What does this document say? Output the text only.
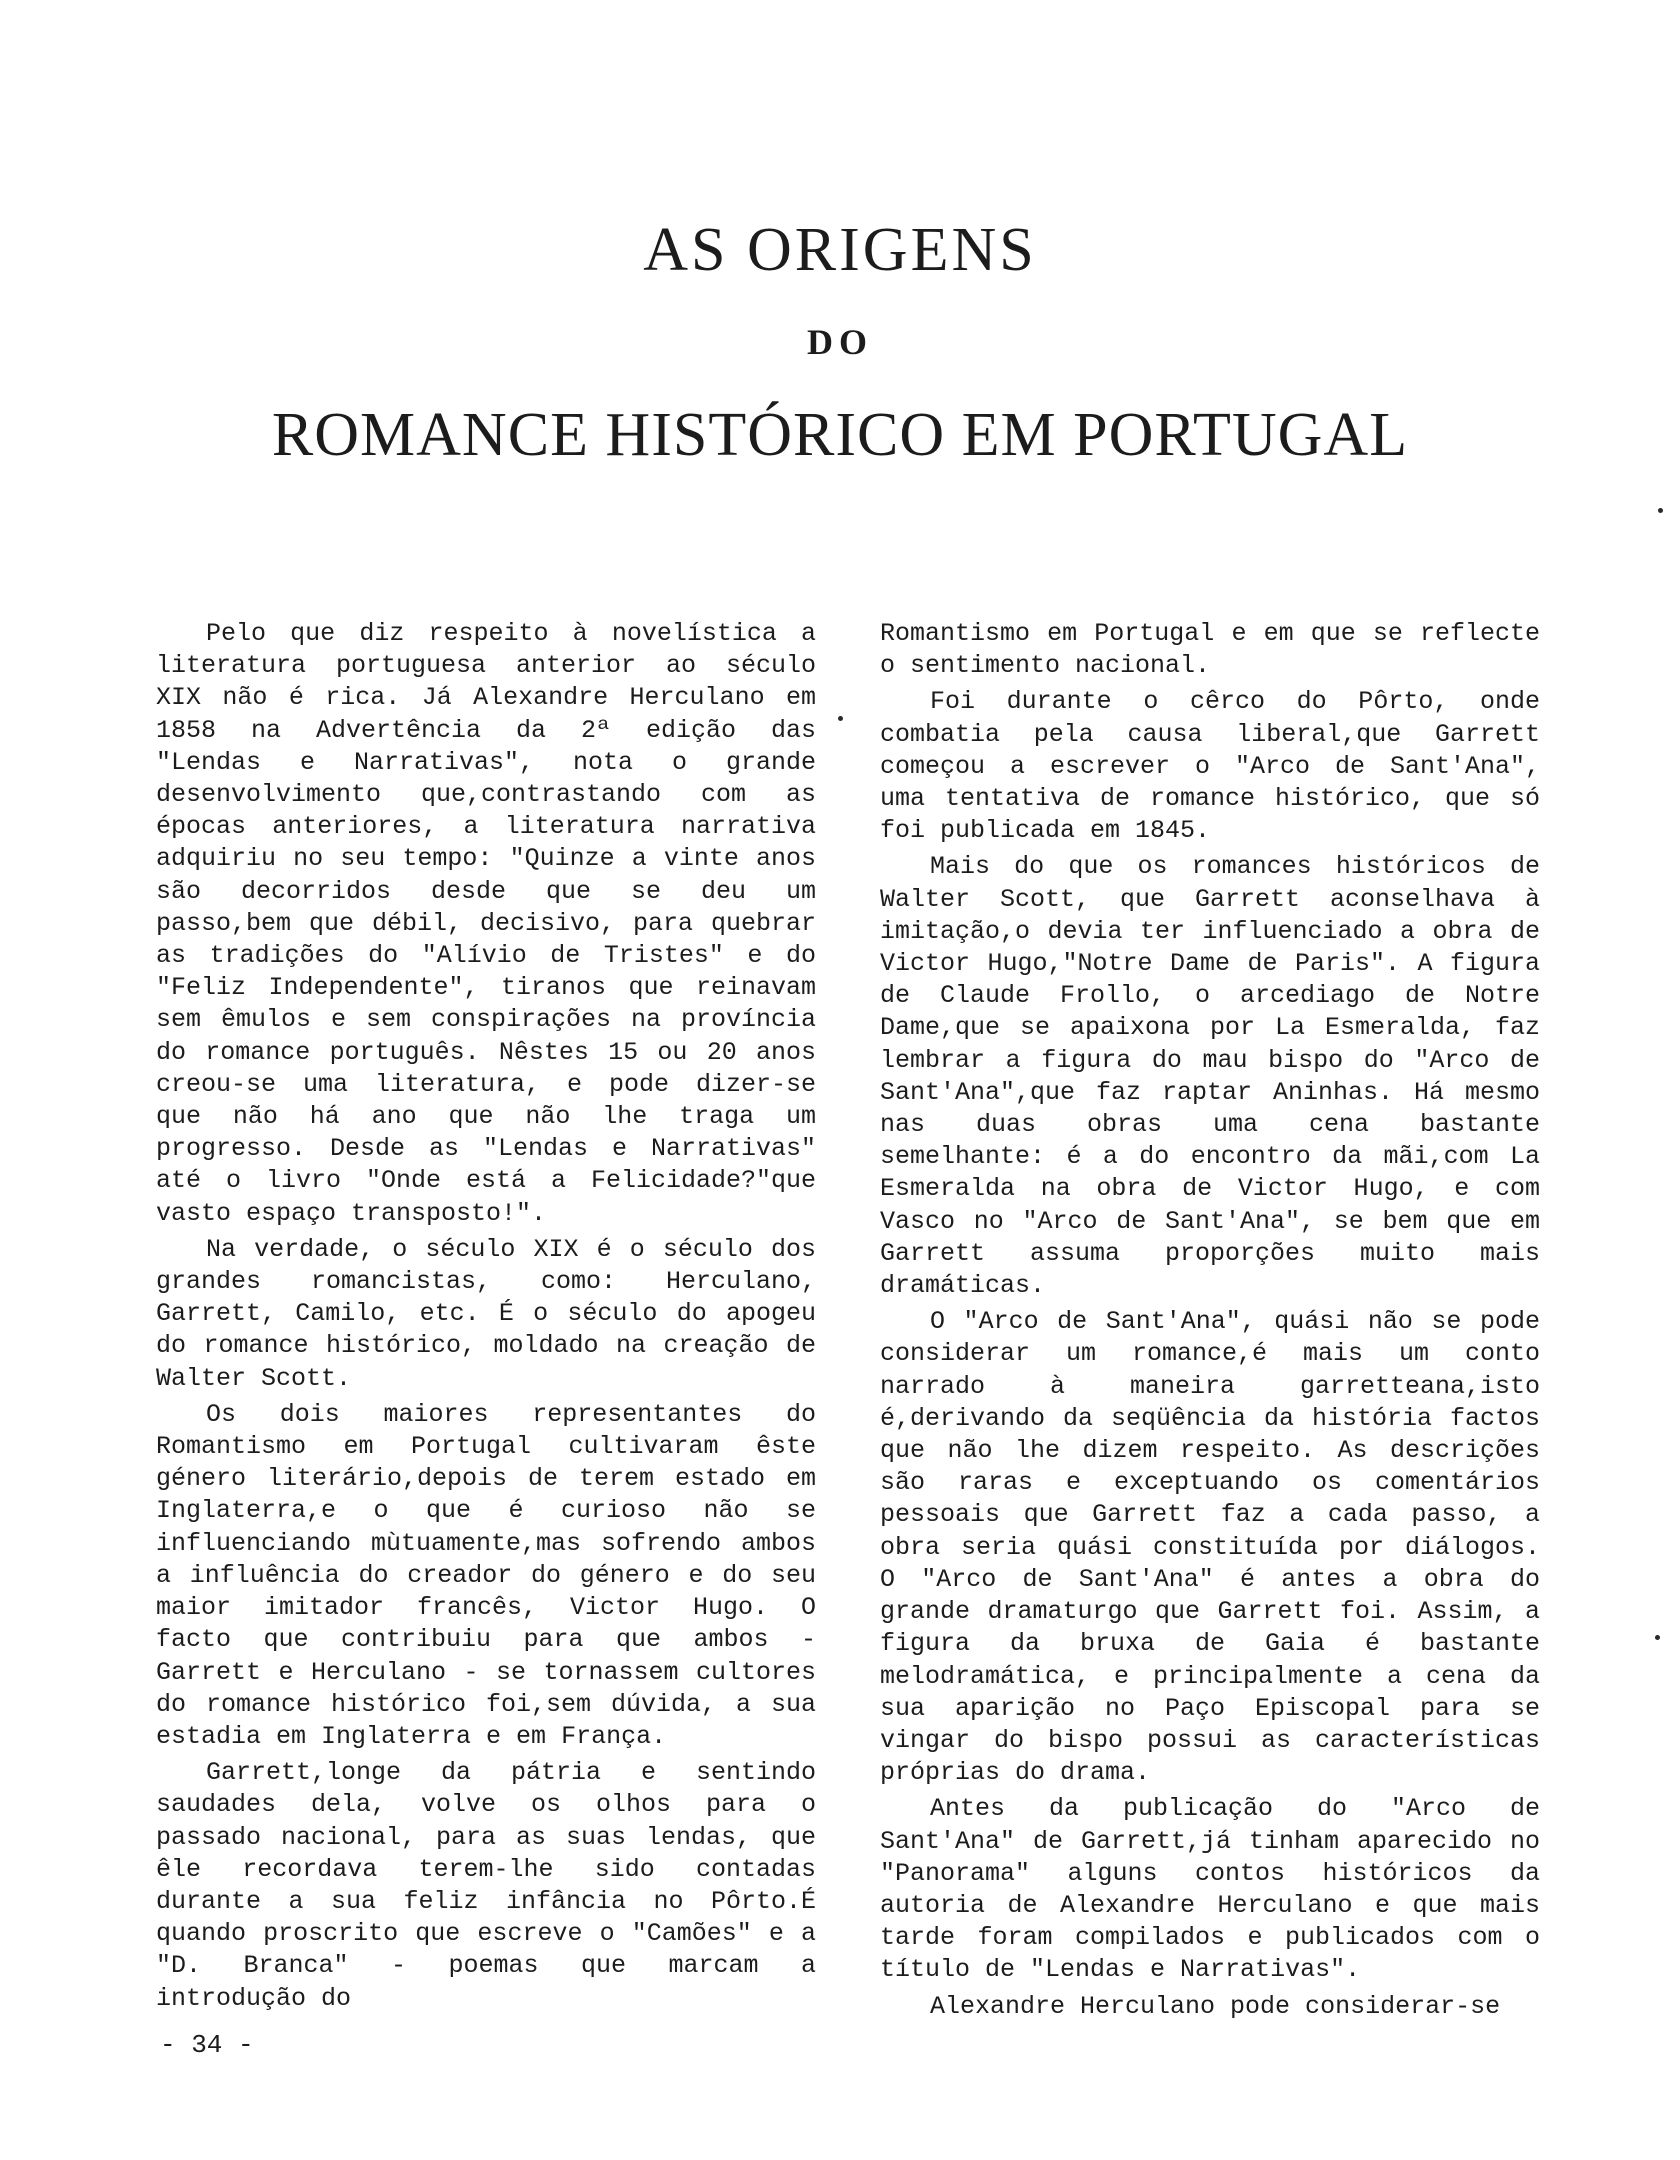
AS ORIGENS
DO
ROMANCE HISTÓRICO EM PORTUGAL

Pelo que diz respeito à novelística a literatura portuguesa anterior ao século XIX não é rica. Já Alexandre Herculano em 1858 na Advertência da 2ª edição das "Lendas e Narrativas", nota o grande desenvolvimento que,contrastando com as épocas anteriores, a literatura narrativa adquiriu no seu tempo: "Quinze a vinte anos são decorridos desde que se deu um passo,bem que débil, decisivo, para quebrar as tradições do "Alívio de Tristes" e do "Feliz Independente", tiranos que reinavam sem êmulos e sem conspirações na província do romance português. Nêstes 15 ou 20 anos creou-se uma literatura, e pode dizer-se que não há ano que não lhe traga um progresso. Desde as "Lendas e Narrativas" até o livro "Onde está a Felicidade?"que vasto espaço transposto!".

Na verdade, o século XIX é o século dos grandes romancistas, como: Herculano, Garrett, Camilo, etc. É o século do apogeu do romance histórico, moldado na creação de Walter Scott.

Os dois maiores representantes do Romantismo em Portugal cultivaram êste género literário,depois de terem estado em Inglaterra,e o que é curioso não se influenciando mùtuamente,mas sofrendo ambos a influência do creador do género e do seu maior imitador francês, Victor Hugo. O facto que contribuiu para que ambos - Garrett e Herculano - se tornassem cultores do romance histórico foi,sem dúvida, a sua estadia em Inglaterra e em França.

Garrett,longe da pátria e sentindo saudades dela, volve os olhos para o passado nacional, para as suas lendas, que êle recordava terem-lhe sido contadas durante a sua feliz infância no Pôrto.É quando proscrito que escreve o "Camões" e a "D. Branca" - poemas que marcam a introdução do

Romantismo em Portugal e em que se reflecte o sentimento nacional.

Foi durante o cêrco do Pôrto, onde combatia pela causa liberal,que Garrett começou a escrever o "Arco de Sant'Ana", uma tentativa de romance histórico, que só foi publicada em 1845.

Mais do que os romances históricos de Walter Scott, que Garrett aconselhava à imitação,o devia ter influenciado a obra de Victor Hugo,"Notre Dame de Paris". A figura de Claude Frollo, o arcediago de Notre Dame,que se apaixona por La Esmeralda, faz lembrar a figura do mau bispo do "Arco de Sant'Ana",que faz raptar Aninhas. Há mesmo nas duas obras uma cena bastante semelhante: é a do encontro da mãi,com La Esmeralda na obra de Victor Hugo, e com Vasco no "Arco de Sant'Ana", se bem que em Garrett assuma proporções muito mais dramáticas.

O "Arco de Sant'Ana", quási não se pode considerar um romance,é mais um conto narrado à maneira garretteana,isto é,derivando da seqüência da história factos que não lhe dizem respeito. As descrições são raras e exceptuando os comentários pessoais que Garrett faz a cada passo, a obra seria quási constituída por diálogos. O "Arco de Sant'Ana" é antes a obra do grande dramaturgo que Garrett foi. Assim, a figura da bruxa de Gaia é bastante melodramática, e principalmente a cena da sua aparição no Paço Episcopal para se vingar do bispo possui as características próprias do drama.

Antes da publicação do "Arco de Sant'Ana" de Garrett,já tinham aparecido no "Panorama" alguns contos históricos da autoria de Alexandre Herculano e que mais tarde foram compilados e publicados com o título de "Lendas e Narrativas".

Alexandre Herculano pode considerar-se

- 34 -
